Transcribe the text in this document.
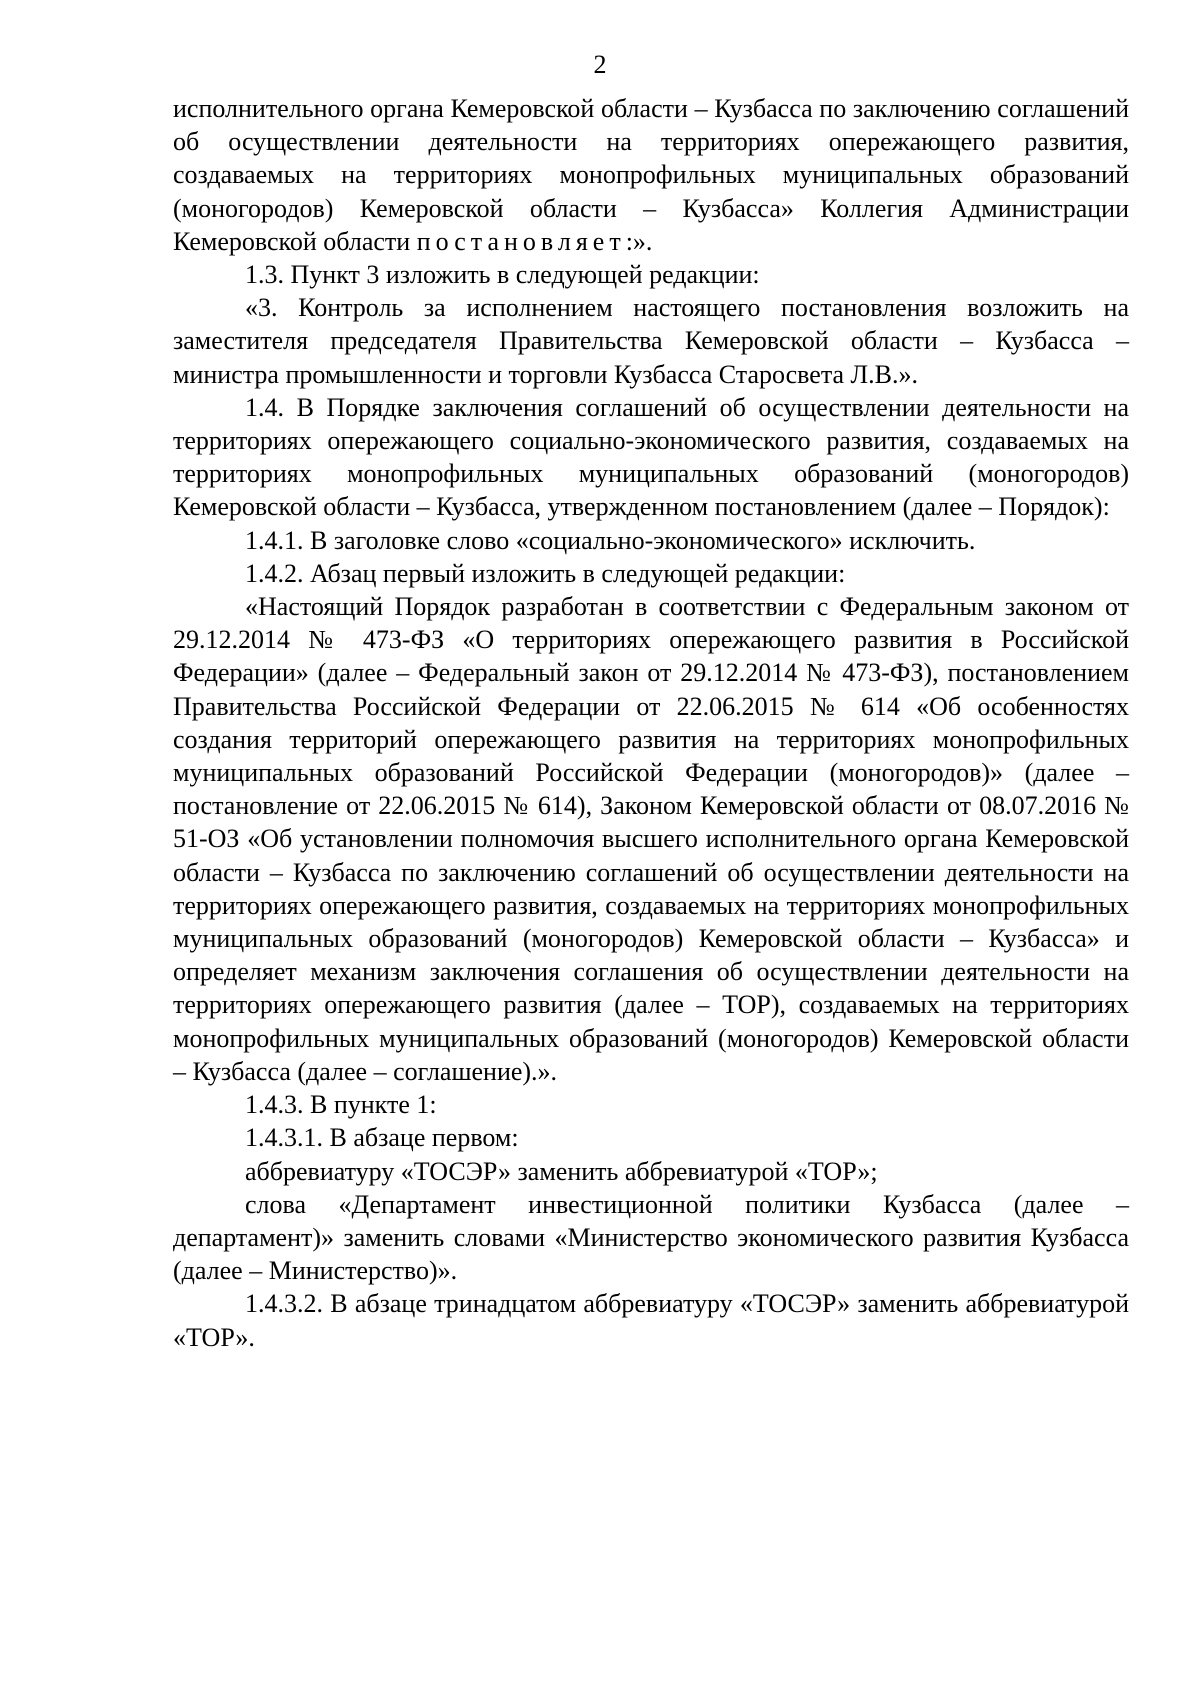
2

исполнительного органа Кемеровской области – Кузбасса по заключению соглашений об осуществлении деятельности на территориях опережающего развития, создаваемых на территориях монопрофильных муниципальных образований (моногородов) Кемеровской области – Кузбасса» Коллегия Администрации Кемеровской области постановляет:».

1.3. Пункт 3 изложить в следующей редакции:

«3. Контроль за исполнением настоящего постановления возложить на заместителя председателя Правительства Кемеровской области – Кузбасса – министра промышленности и торговли Кузбасса Старосвета Л.В.».

1.4. В Порядке заключения соглашений об осуществлении деятельности на территориях опережающего социально-экономического развития, создаваемых на территориях монопрофильных муниципальных образований (моногородов) Кемеровской области – Кузбасса, утвержденном постановлением (далее – Порядок):

1.4.1. В заголовке слово «социально-экономического» исключить.

1.4.2. Абзац первый изложить в следующей редакции:

«Настоящий Порядок разработан в соответствии с Федеральным законом от 29.12.2014 № 473-ФЗ «О территориях опережающего развития в Российской Федерации» (далее – Федеральный закон от 29.12.2014 № 473-ФЗ), постановлением Правительства Российской Федерации от 22.06.2015 № 614 «Об особенностях создания территорий опережающего развития на территориях монопрофильных муниципальных образований Российской Федерации (моногородов)» (далее – постановление от 22.06.2015 № 614), Законом Кемеровской области от 08.07.2016 № 51-ОЗ «Об установлении полномочия высшего исполнительного органа Кемеровской области – Кузбасса по заключению соглашений об осуществлении деятельности на территориях опережающего развития, создаваемых на территориях монопрофильных муниципальных образований (моногородов) Кемеровской области – Кузбасса» и определяет механизм заключения соглашения об осуществлении деятельности на территориях опережающего развития (далее – ТОР), создаваемых на территориях монопрофильных муниципальных образований (моногородов) Кемеровской области – Кузбасса (далее – соглашение).».

1.4.3. В пункте 1:

1.4.3.1. В абзаце первом:

аббревиатуру «ТОСЭР» заменить аббревиатурой «ТОР»;

слова «Департамент инвестиционной политики Кузбасса (далее – департамент)» заменить словами «Министерство экономического развития Кузбасса (далее – Министерство)».

1.4.3.2. В абзаце тринадцатом аббревиатуру «ТОСЭР» заменить аббревиатурой «ТОР».
